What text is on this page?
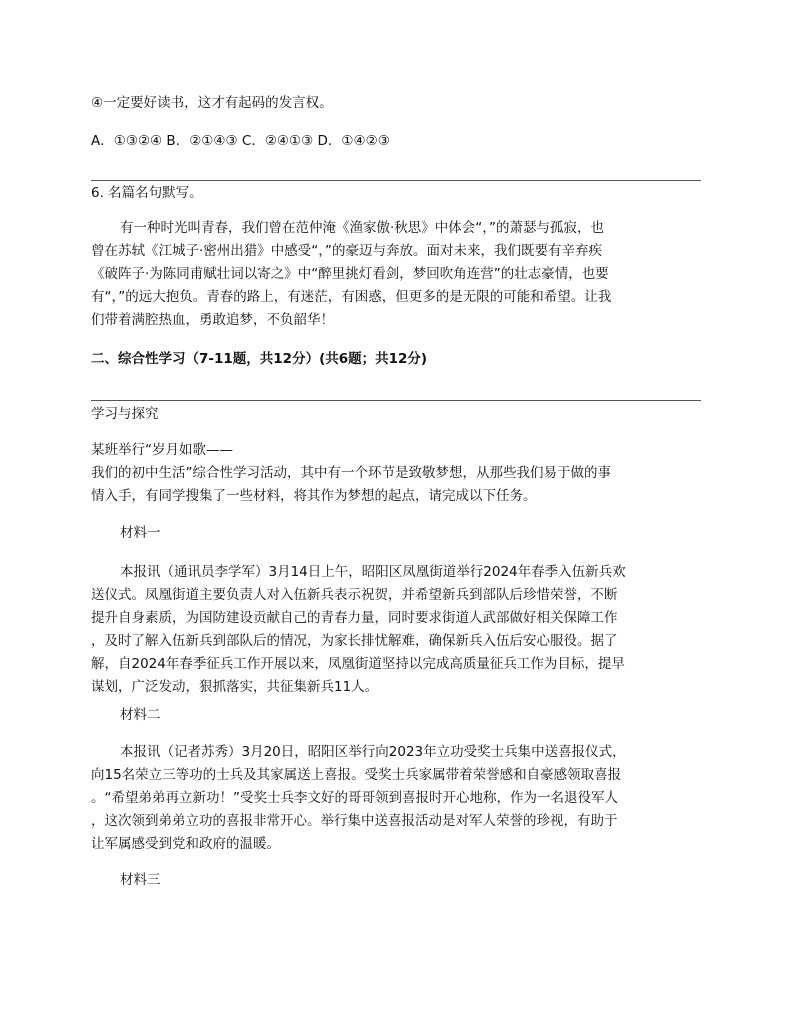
④一定要好读书，这才有起码的发言权。
A．①③②④ B．②①④③ C．②④①③ D．①④②③
6. 名篇名句默写。
有一种时光叫青春，我们曾在范仲淹《渔家傲·秋思》中体会“，”的萧瑟与孤寂，也
曾在苏轼《江城子·密州出猎》中感受“，”的豪迈与奔放。面对未来，我们既要有辛弃疾
《破阵子·为陈同甫赋壮词以寄之》中“醉里挑灯看剑，梦回吹角连营”的壮志豪情，也要
有“，”的远大抱负。青春的路上，有迷茫，有困惑，但更多的是无限的可能和希望。让我
们带着满腔热血，勇敢追梦，不负韶华！
二、综合性学习（7-11题，共12分）(共6题；共12分)
学习与探究
某班举行“岁月如歌——
我们的初中生活”综合性学习活动，其中有一个环节是致敬梦想，从那些我们易于做的事
情入手，有同学搜集了一些材料，将其作为梦想的起点，请完成以下任务。
材料一
本报讯（通讯员李学军）3月14日上午，昭阳区凤凰街道举行2024年春季入伍新兵欢
送仪式。凤凰街道主要负责人对入伍新兵表示祝贺，并希望新兵到部队后珍惜荣誉，不断
提升自身素质，为国防建设贡献自己的青春力量，同时要求街道人武部做好相关保障工作
，及时了解入伍新兵到部队后的情况，为家长排忧解难，确保新兵入伍后安心服役。据了
解，自2024年春季征兵工作开展以来，凤凰街道坚持以完成高质量征兵工作为目标，提早
谋划，广泛发动，狠抓落实，共征集新兵11人。
材料二
本报讯（记者苏秀）3月20日，昭阳区举行向2023年立功受奖士兵集中送喜报仪式，
向15名荣立三等功的士兵及其家属送上喜报。受奖士兵家属带着荣誉感和自豪感领取喜报
。“希望弟弟再立新功！”受奖士兵李文好的哥哥领到喜报时开心地称，作为一名退役军人
，这次领到弟弟立功的喜报非常开心。举行集中送喜报活动是对军人荣誉的珍视，有助于
让军属感受到党和政府的温暖。
材料三
